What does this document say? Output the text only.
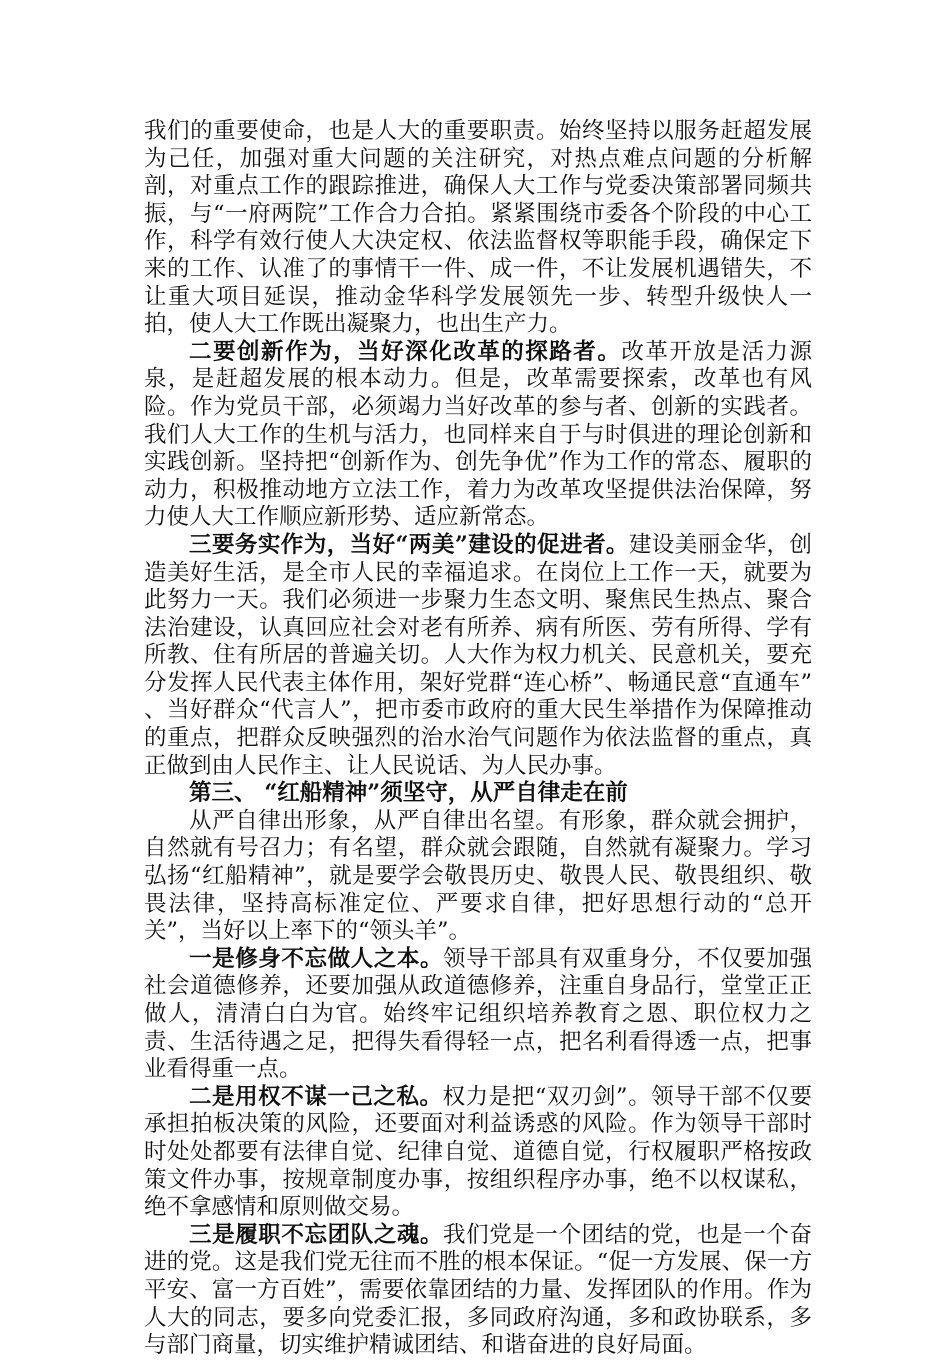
我们的重要使命，也是人大的重要职责。始终坚持以服务赶超发展为己任，加强对重大问题的关注研究，对热点难点问题的分析解剖，对重点工作的跟踪推进，确保人大工作与党委决策部署同频共振，与“一府两院”工作合力合拍。紧紧围绕市委各个阶段的中心工作，科学有效行使人大决定权、依法监督权等职能手段，确保定下来的工作、认准了的事情干一件、成一件，不让发展机遇错失，不让重大项目延误，推动金华科学发展领先一步、转型升级快人一拍，使人大工作既出凝聚力，也出生产力。

二要创新作为，当好深化改革的探路者。改革开放是活力源泉，是赶超发展的根本动力。但是，改革需要探索，改革也有风险。作为党员干部，必须竭力当好改革的参与者、创新的实践者。我们人大工作的生机与活力，也同样来自于与时俱进的理论创新和实践创新。坚持把“创新作为、创先争优”作为工作的常态、履职的动力，积极推动地方立法工作，着力为改革攻坚提供法治保障，努力使人大工作顺应新形势、适应新常态。

三要务实作为，当好“两美”建设的促进者。建设美丽金华，创造美好生活，是全市人民的幸福追求。在岗位上工作一天，就要为此努力一天。我们必须进一步聚力生态文明、聚焦民生热点、聚合法治建设，认真回应社会对老有所养、病有所医、劳有所得、学有所教、住有所居的普遍关切。人大作为权力机关、民意机关，要充分发挥人民代表主体作用，架好党群“连心桥”、畅通民意“直通车” 、当好群众“代言人”，把市委市政府的重大民生举措作为保障推动的重点，把群众反映强烈的治水治气问题作为依法监督的重点，真正做到由人民作主、让人民说话、为人民办事。

第三、 “红船精神”须坚守，从严自律走在前

从严自律出形象，从严自律出名望。有形象，群众就会拥护，自然就有号召力；有名望，群众就会跟随，自然就有凝聚力。学习弘扬“红船精神”，就是要学会敬畏历史、敬畏人民、敬畏组织、敬畏法律，坚持高标准定位、严要求自律，把好思想行动的“总开关”，当好以上率下的“领头羊”。

一是修身不忘做人之本。领导干部具有双重身分，不仅要加强社会道德修养，还要加强从政道德修养，注重自身品行，堂堂正正做人，清清白白为官。始终牢记组织培养教育之恩、职位权力之责、生活待遇之足，把得失看得轻一点，把名利看得透一点，把事业看得重一点。

二是用权不谋一己之私。权力是把“双刃剑”。领导干部不仅要承担拍板决策的风险，还要面对利益诱惑的风险。作为领导干部时时处处都要有法律自觉、纪律自觉、道德自觉，行权履职严格按政策文件办事，按规章制度办事，按组织程序办事，绝不以权谋私，绝不拿感情和原则做交易。

三是履职不忘团队之魂。我们党是一个团结的党，也是一个奋进的党。这是我们党无往而不胜的根本保证。“促一方发展、保一方平安、富一方百姓”，需要依靠团结的力量、发挥团队的作用。作为人大的同志，要多向党委汇报，多同政府沟通，多和政协联系，多与部门商量，切实维护精诚团结、和谐奋进的良好局面。
